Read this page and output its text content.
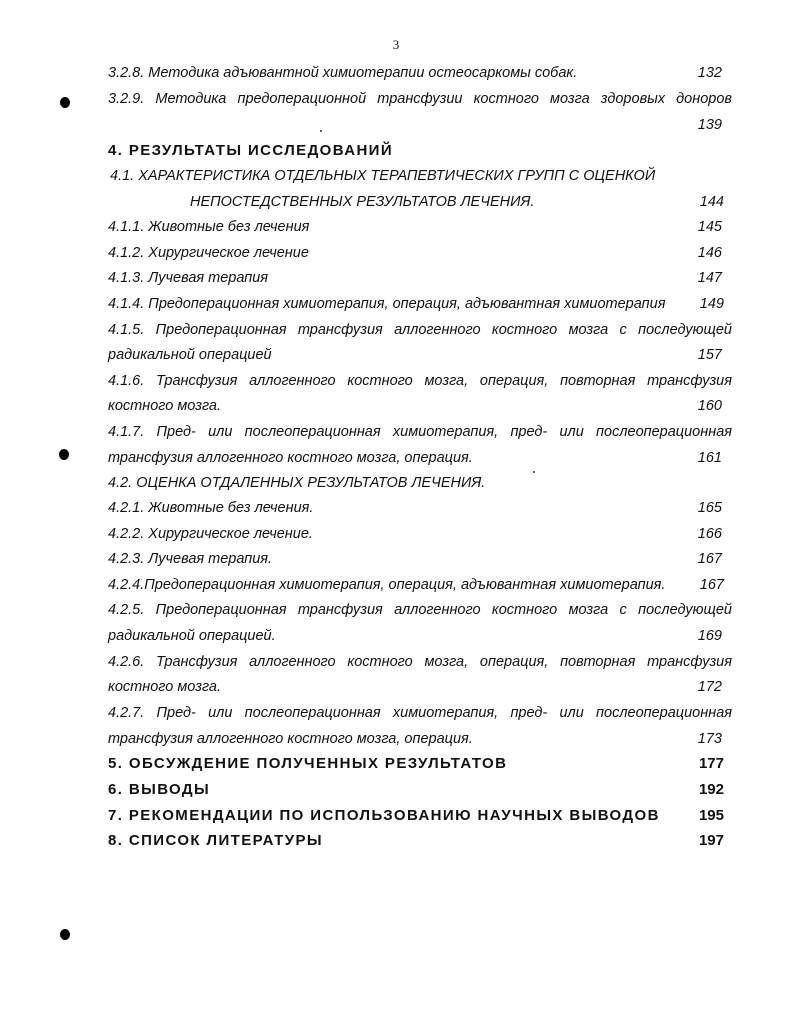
3
3.2.8. Методика адъювантной химиотерапии остеосаркомы собак.	132
3.2.9. Методика предоперационной трансфузии костного мозга здоровых доноров
139
4. РЕЗУЛЬТАТЫ ИССЛЕДОВАНИЙ
4.1. ХАРАКТЕРИСТИКА ОТДЕЛЬНЫХ ТЕРАПЕВТИЧЕСКИХ ГРУПП С ОЦЕНКОЙ
НЕПОСТЕДСТВЕННЫХ РЕЗУЛЬТАТОВ ЛЕЧЕНИЯ.	144
4.1.1. Животные без лечения	145
4.1.2. Хирургическое лечение	146
4.1.3. Лучевая терапия	147
4.1.4. Предоперационная химиотерапия, операция, адъювантная химиотерапия 149
4.1.5. Предоперационная трансфузия аллогенного костного мозга с последующей
радикальной операцией	157
4.1.6. Трансфузия аллогенного костного мозга, операция, повторная трансфузия
костного мозга.	160
4.1.7. Пред- или послеоперационная химиотерапия, пред- или послеоперационная
трансфузия аллогенного костного мозга, операция.	161
4.2. ОЦЕНКА ОТДАЛЕННЫХ РЕЗУЛЬТАТОВ ЛЕЧЕНИЯ.
4.2.1. Животные без лечения.	165
4.2.2. Хирургическое лечение.	166
4.2.3. Лучевая терапия.	167
4.2.4.Предоперационная химиотерапия, операция, адъювантная химиотерапия. 167
4.2.5. Предоперационная трансфузия аллогенного костного мозга с последующей
радикальной операцией.	169
4.2.6. Трансфузия аллогенного костного мозга, операция, повторная трансфузия
костного мозга.	172
4.2.7. Пред- или послеоперационная химиотерапия, пред- или послеоперационная
трансфузия аллогенного костного мозга, операция.	173
5. ОБСУЖДЕНИЕ ПОЛУЧЕННЫХ РЕЗУЛЬТАТОВ	177
6. ВЫВОДЫ	192
7. РЕКОМЕНДАЦИИ ПО ИСПОЛЬЗОВАНИЮ НАУЧНЫХ ВЫВОДОВ	195
8. СПИСОК ЛИТЕРАТУРЫ	197
